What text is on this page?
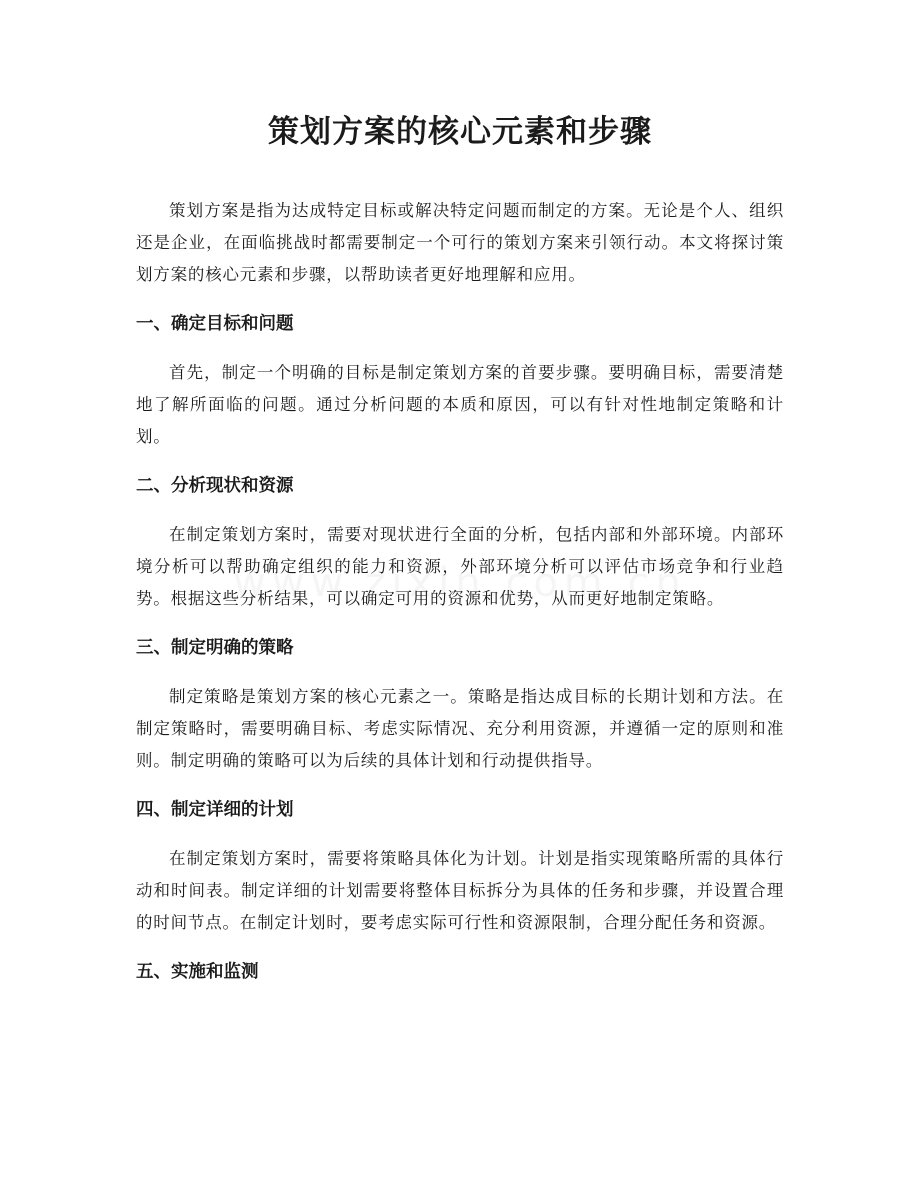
策划方案的核心元素和步骤

策划方案是指为达成特定目标或解决特定问题而制定的方案。无论是个人、组织还是企业，在面临挑战时都需要制定一个可行的策划方案来引领行动。本文将探讨策划方案的核心元素和步骤，以帮助读者更好地理解和应用。

一、确定目标和问题

首先，制定一个明确的目标是制定策划方案的首要步骤。要明确目标，需要清楚地了解所面临的问题。通过分析问题的本质和原因，可以有针对性地制定策略和计划。

二、分析现状和资源

在制定策划方案时，需要对现状进行全面的分析，包括内部和外部环境。内部环境分析可以帮助确定组织的能力和资源，外部环境分析可以评估市场竞争和行业趋势。根据这些分析结果，可以确定可用的资源和优势，从而更好地制定策略。

三、制定明确的策略

制定策略是策划方案的核心元素之一。策略是指达成目标的长期计划和方法。在制定策略时，需要明确目标、考虑实际情况、充分利用资源，并遵循一定的原则和准则。制定明确的策略可以为后续的具体计划和行动提供指导。

四、制定详细的计划

在制定策划方案时，需要将策略具体化为计划。计划是指实现策略所需的具体行动和时间表。制定详细的计划需要将整体目标拆分为具体的任务和步骤，并设置合理的时间节点。在制定计划时，要考虑实际可行性和资源限制，合理分配任务和资源。

五、实施和监测
